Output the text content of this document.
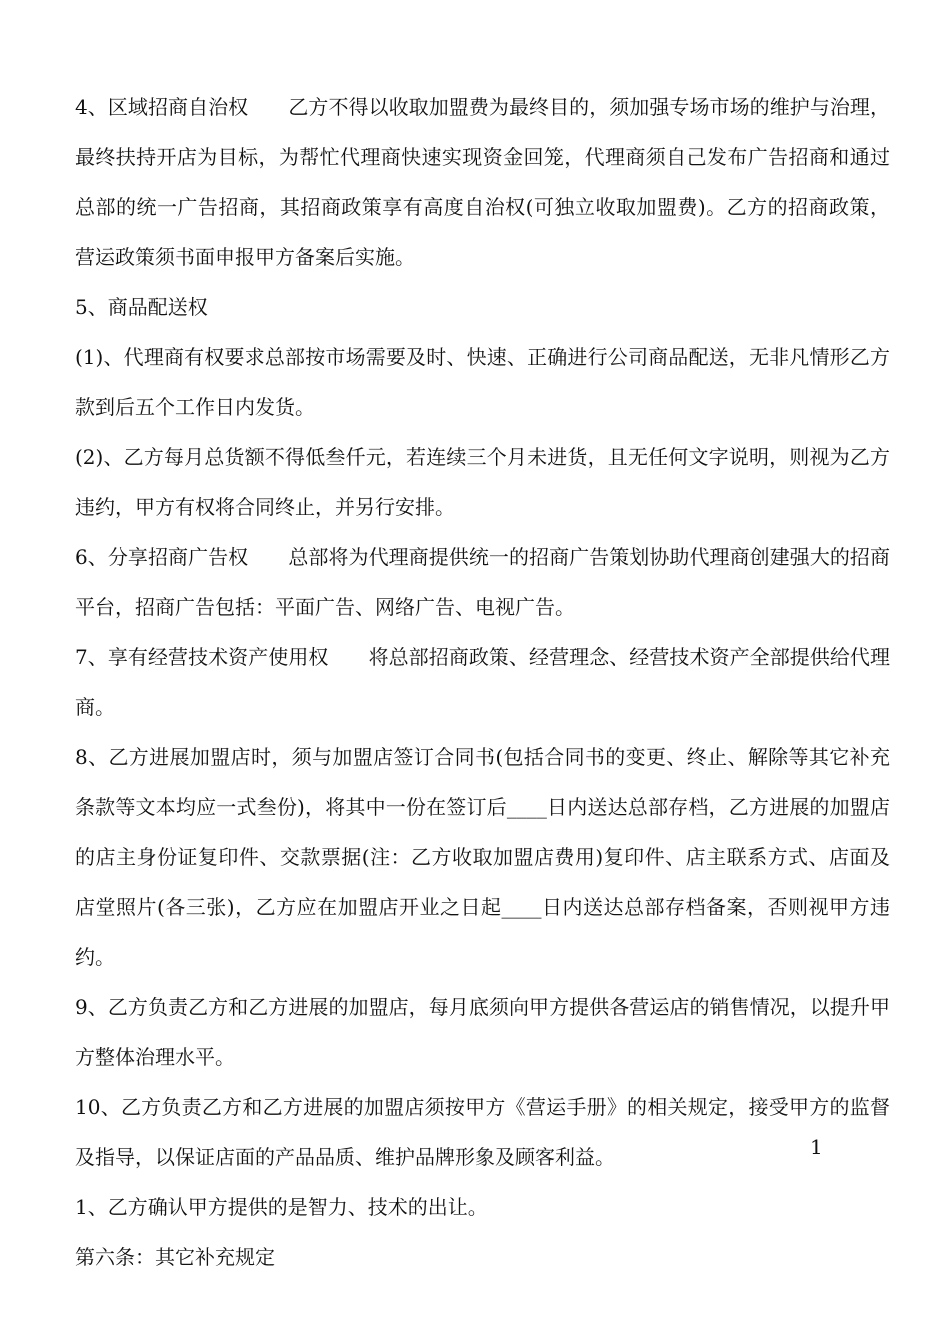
4、区域招商自治权　　乙方不得以收取加盟费为最终目的，须加强专场市场的维护与治理，最终扶持开店为目标，为帮忙代理商快速实现资金回笼，代理商须自己发布广告招商和通过总部的统一广告招商，其招商政策享有高度自治权(可独立收取加盟费)。乙方的招商政策，营运政策须书面申报甲方备案后实施。

5、商品配送权

(1)、代理商有权要求总部按市场需要及时、快速、正确进行公司商品配送，无非凡情形乙方款到后五个工作日内发货。

(2)、乙方每月总货额不得低叁仟元，若连续三个月未进货，且无任何文字说明，则视为乙方违约，甲方有权将合同终止，并另行安排。

6、分享招商广告权　　总部将为代理商提供统一的招商广告策划协助代理商创建强大的招商平台，招商广告包括：平面广告、网络广告、电视广告。

7、享有经营技术资产使用权　　将总部招商政策、经营理念、经营技术资产全部提供给代理商。

8、乙方进展加盟店时，须与加盟店签订合同书(包括合同书的变更、终止、解除等其它补充条款等文本均应一式叁份)，将其中一份在签订后____日内送达总部存档，乙方进展的加盟店的店主身份证复印件、交款票据(注：乙方收取加盟店费用)复印件、店主联系方式、店面及店堂照片(各三张)，乙方应在加盟店开业之日起____日内送达总部存档备案，否则视甲方违约。

9、乙方负责乙方和乙方进展的加盟店，每月底须向甲方提供各营运店的销售情况，以提升甲方整体治理水平。

10、乙方负责乙方和乙方进展的加盟店须按甲方《营运手册》的相关规定，接受甲方的监督及指导，以保证店面的产品品质、维护品牌形象及顾客利益。

1、乙方确认甲方提供的是智力、技术的出让。

第六条：其它补充规定

1
